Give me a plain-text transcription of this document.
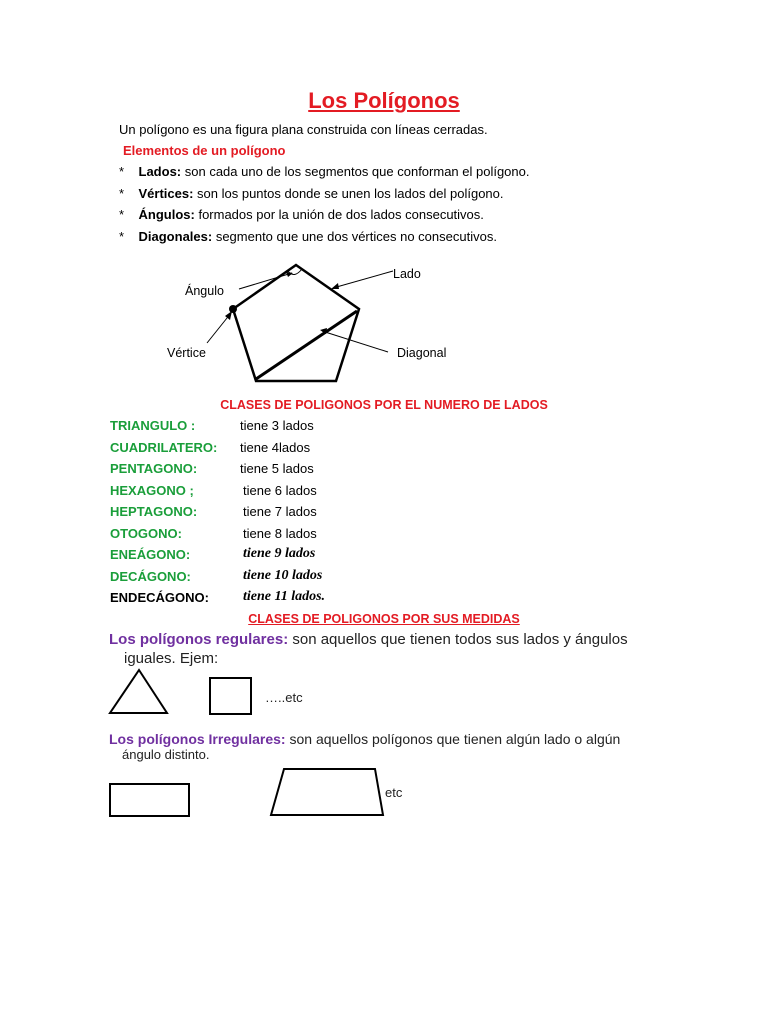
Los Polígonos
Un polígono es una figura plana construida con líneas cerradas.
Elementos de un polígono
* Lados: son cada uno de los segmentos que conforman el polígono.
* Vértices: son los puntos donde se unen los lados del polígono.
* Ángulos: formados por la unión de dos lados consecutivos.
* Diagonales: segmento que une dos vértices no consecutivos.
Ángulo
Lado
Vértice	Diagonal
CLASES DE POLIGONOS POR EL NUMERO DE LADOS
TRIANGULO :	tiene 3 lados
CUADRILATERO: tiene 4lados
PENTAGONO:	tiene 5 lados
HEXAGONO ;	tiene 6 lados
HEPTAGONO:	tiene 7 lados
OTOGONO:	tiene 8 lados
ENEÁGONO:	tiene 9 lados
DECÁGONO:	tiene 10 lados
ENDECÁGONO: tiene 11 lados.
CLASES DE POLIGONOS POR SUS MEDIDAS
Los polígonos regulares: son aquellos que tienen todos sus lados y ángulos
iguales. Ejem:
…..etc
Los polígonos Irregulares: son aquellos polígonos que tienen algún lado o algún
ángulo distinto.
etc
